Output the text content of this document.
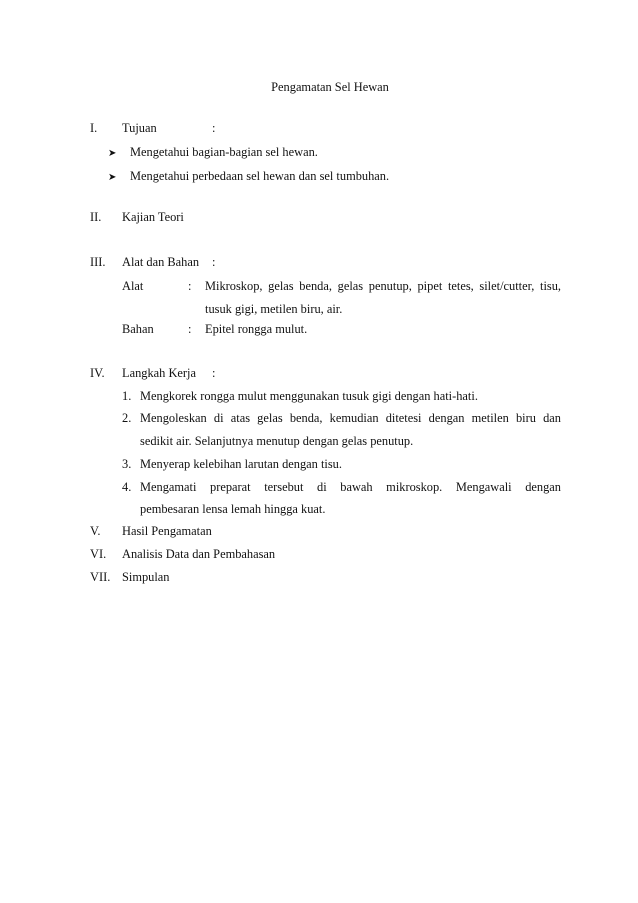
Pengamatan Sel Hewan
I. Tujuan	:
➤ Mengetahui bagian-bagian sel hewan.
➤ Mengetahui perbedaan sel hewan dan sel tumbuhan.
II. Kajian Teori
III. Alat dan Bahan :
Alat	: Mikroskop, gelas benda, gelas penutup, pipet tetes, silet/cutter, tisu,
tusuk gigi, metilen biru, air.
Bahan	: Epitel rongga mulut.
IV. Langkah Kerja :
1. Mengkorek rongga mulut menggunakan tusuk gigi dengan hati-hati.
2. Mengoleskan di atas gelas benda, kemudian ditetesi dengan metilen biru dan
sedikit air. Selanjutnya menutup dengan gelas penutup.
3. Menyerap kelebihan larutan dengan tisu.
4. Mengamati preparat tersebut di bawah mikroskop. Mengawali dengan
pembesaran lensa lemah hingga kuat.
V. Hasil Pengamatan
VI. Analisis Data dan Pembahasan
VII. Simpulan
